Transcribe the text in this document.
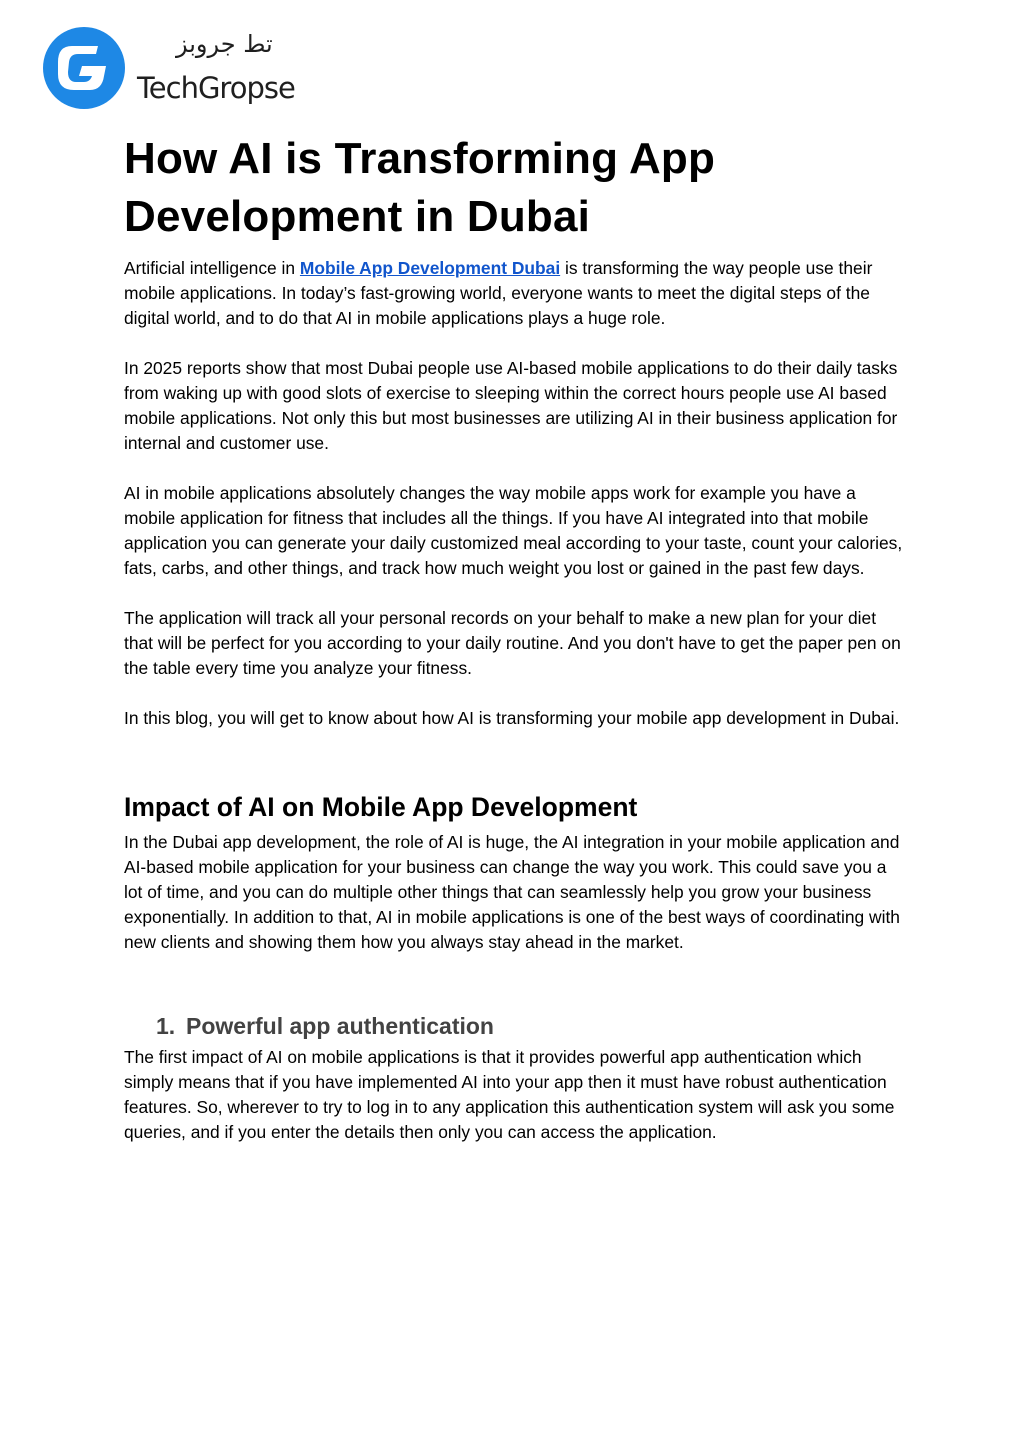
تط جروبز
TechGropse
How AI is Transforming App Development in Dubai

Artificial intelligence in Mobile App Development Dubai is transforming the way people use their mobile applications. In today’s fast-growing world, everyone wants to meet the digital steps of the digital world, and to do that AI in mobile applications plays a huge role.

In 2025 reports show that most Dubai people use AI-based mobile applications to do their daily tasks from waking up with good slots of exercise to sleeping within the correct hours people use AI based mobile applications. Not only this but most businesses are utilizing AI in their business application for internal and customer use.

AI in mobile applications absolutely changes the way mobile apps work for example you have a mobile application for fitness that includes all the things. If you have AI integrated into that mobile application you can generate your daily customized meal according to your taste, count your calories, fats, carbs, and other things, and track how much weight you lost or gained in the past few days.

The application will track all your personal records on your behalf to make a new plan for your diet that will be perfect for you according to your daily routine. And you don't have to get the paper pen on the table every time you analyze your fitness.

In this blog, you will get to know about how AI is transforming your mobile app development in Dubai.

Impact of AI on Mobile App Development

In the Dubai app development, the role of AI is huge, the AI integration in your mobile application and AI-based mobile application for your business can change the way you work. This could save you a lot of time, and you can do multiple other things that can seamlessly help you grow your business exponentially. In addition to that, AI in mobile applications is one of the best ways of coordinating with new clients and showing them how you always stay ahead in the market.

1. Powerful app authentication

The first impact of AI on mobile applications is that it provides powerful app authentication which simply means that if you have implemented AI into your app then it must have robust authentication features. So, wherever to try to log in to any application this authentication system will ask you some queries, and if you enter the details then only you can access the application.
